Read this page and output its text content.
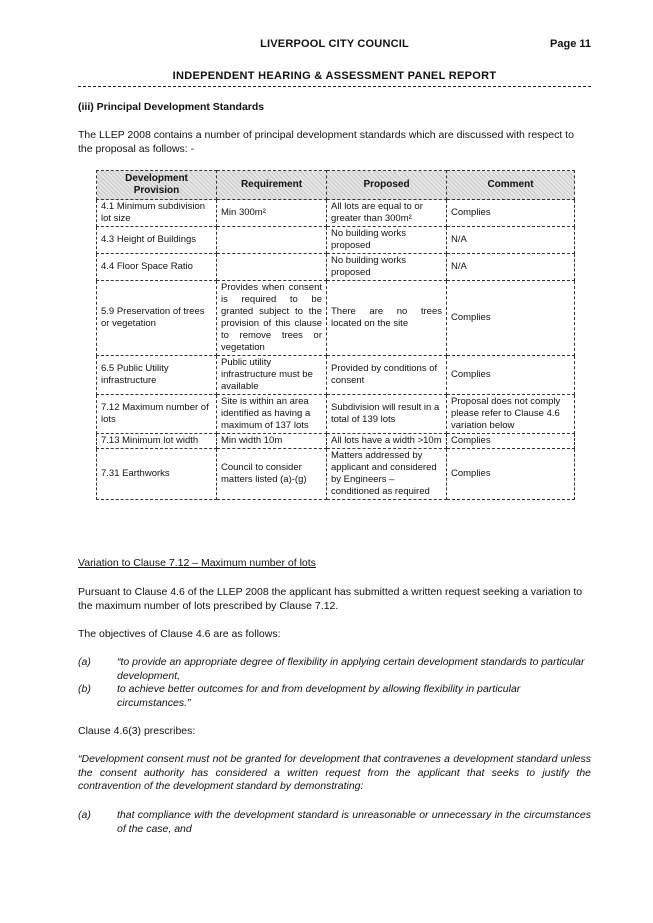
LIVERPOOL CITY COUNCIL	Page 11
INDEPENDENT HEARING & ASSESSMENT PANEL REPORT
(iii) Principal Development Standards
The LLEP 2008 contains a number of principal development standards which are discussed with respect to the proposal as follows: -
Development Provision	Requirement	Proposed	Comment
4.1 Minimum subdivision lot size	Min 300m²	All lots are equal to or greater than 300m²	Complies
4.3 Height of Buildings		No building works proposed	N/A
4.4 Floor Space Ratio		No building works proposed	N/A
5.9 Preservation of trees or vegetation	Provides when consent is required to be granted subject to the provision of this clause to remove trees or vegetation	There are no trees located on the site	Complies
6.5 Public Utility infrastructure	Public utility infrastructure must be available	Provided by conditions of consent	Complies
7.12 Maximum number of lots	Site is within an area identified as having a maximum of 137 lots	Subdivision will result in a total of 139 lots	Proposal does not comply please refer to Clause 4.6 variation below
7.13 Minimum lot width	Min width 10m	All lots have a width >10m	Complies
7.31 Earthworks	Council to consider matters listed (a)-(g)	Matters addressed by applicant and considered by Engineers – conditioned as required	Complies
Variation to Clause 7.12 – Maximum number of lots
Pursuant to Clause 4.6 of the LLEP 2008 the applicant has submitted a written request seeking a variation to the maximum number of lots prescribed by Clause 7.12.
The objectives of Clause 4.6 are as follows:
(a) “to provide an appropriate degree of flexibility in applying certain development standards to particular development,
(b) to achieve better outcomes for and from development by allowing flexibility in particular circumstances.”
Clause 4.6(3) prescribes:
“Development consent must not be granted for development that contravenes a development standard unless the consent authority has considered a written request from the applicant that seeks to justify the contravention of the development standard by demonstrating:
(a) that compliance with the development standard is unreasonable or unnecessary in the circumstances of the case, and
